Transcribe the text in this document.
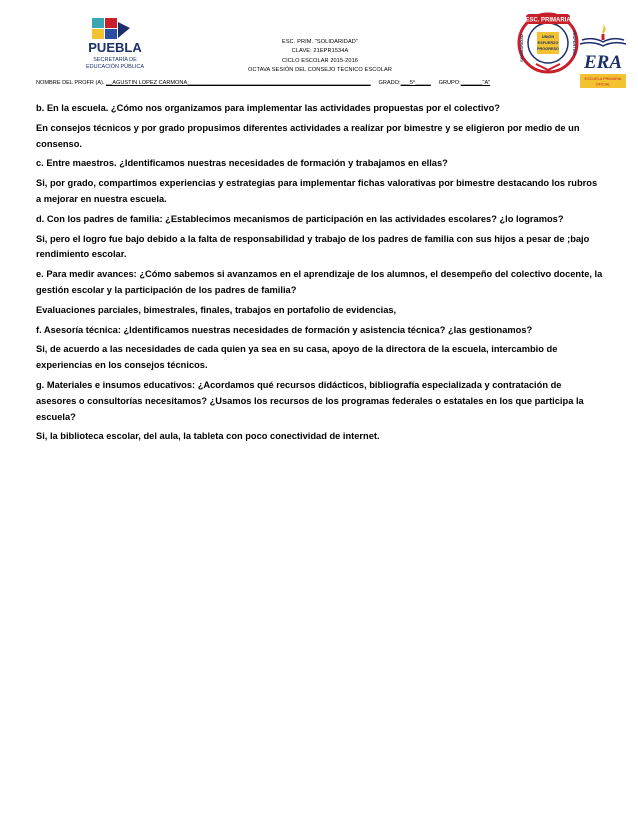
PUEBLA
SECRETARÍA DE
EDUCACIÓN PÚBLICA
ESC. PRIMARIA
SOLIDARIDAD	VESPERTINA
UNIÓN
ESFUERZO
PROGRESO
ERA
ESCUELA PRIMARIA
OFICIAL
ESC. PRIM. "SOLIDARIDAD"
CLAVE: 21EPR1534A
CICLO ESCOLAR 2015-2016
OCTAVA SESIÓN DEL CONSEJO TECNICO ESCOLAR
NOMBRE DEL PROFR (A). __AGUSTIN LOPEZ CARMONA___________________________________________________________ GRADO:___5°_____ GRUPO:_______"A"

b. En la escuela. ¿Cómo nos organizamos para implementar las actividades propuestas por el colectivo?

En consejos técnicos y por grado propusimos diferentes actividades a realizar por bimestre y se eligieron por medio de un consenso.

c. Entre maestros. ¿Identificamos nuestras necesidades de formación y trabajamos en ellas?

Si, por grado, compartimos experiencias y estrategias para implementar fichas valorativas por bimestre destacando los rubros a mejorar en nuestra escuela.

d. Con los padres de familia: ¿Establecimos mecanismos de participación en las actividades escolares? ¿lo logramos?

Si, pero el logro fue bajo debido a la falta de responsabilidad y trabajo de los padres de familia con sus hijos a pesar de ;bajo rendimiento escolar.

e. Para medir avances: ¿Cómo sabemos si avanzamos en el aprendizaje de los alumnos, el desempeño del colectivo docente, la gestión escolar y la participación de los padres de familia?

Evaluaciones parciales, bimestrales, finales, trabajos en portafolio de evidencias,

f. Asesoría técnica: ¿Identificamos nuestras necesidades de formación y asistencia técnica? ¿las gestionamos?

Si, de acuerdo a las necesidades de cada quien ya sea en su casa, apoyo de la directora de la escuela, intercambio de experiencias en los consejos técnicos.

g. Materiales e insumos educativos: ¿Acordamos qué recursos didácticos, bibliografía especializada y contratación de asesores o consultorías necesitamos? ¿Usamos los recursos de los programas federales o estatales en los que participa la escuela?

Si, la biblioteca escolar, del aula, la tableta con poco conectividad de internet.
